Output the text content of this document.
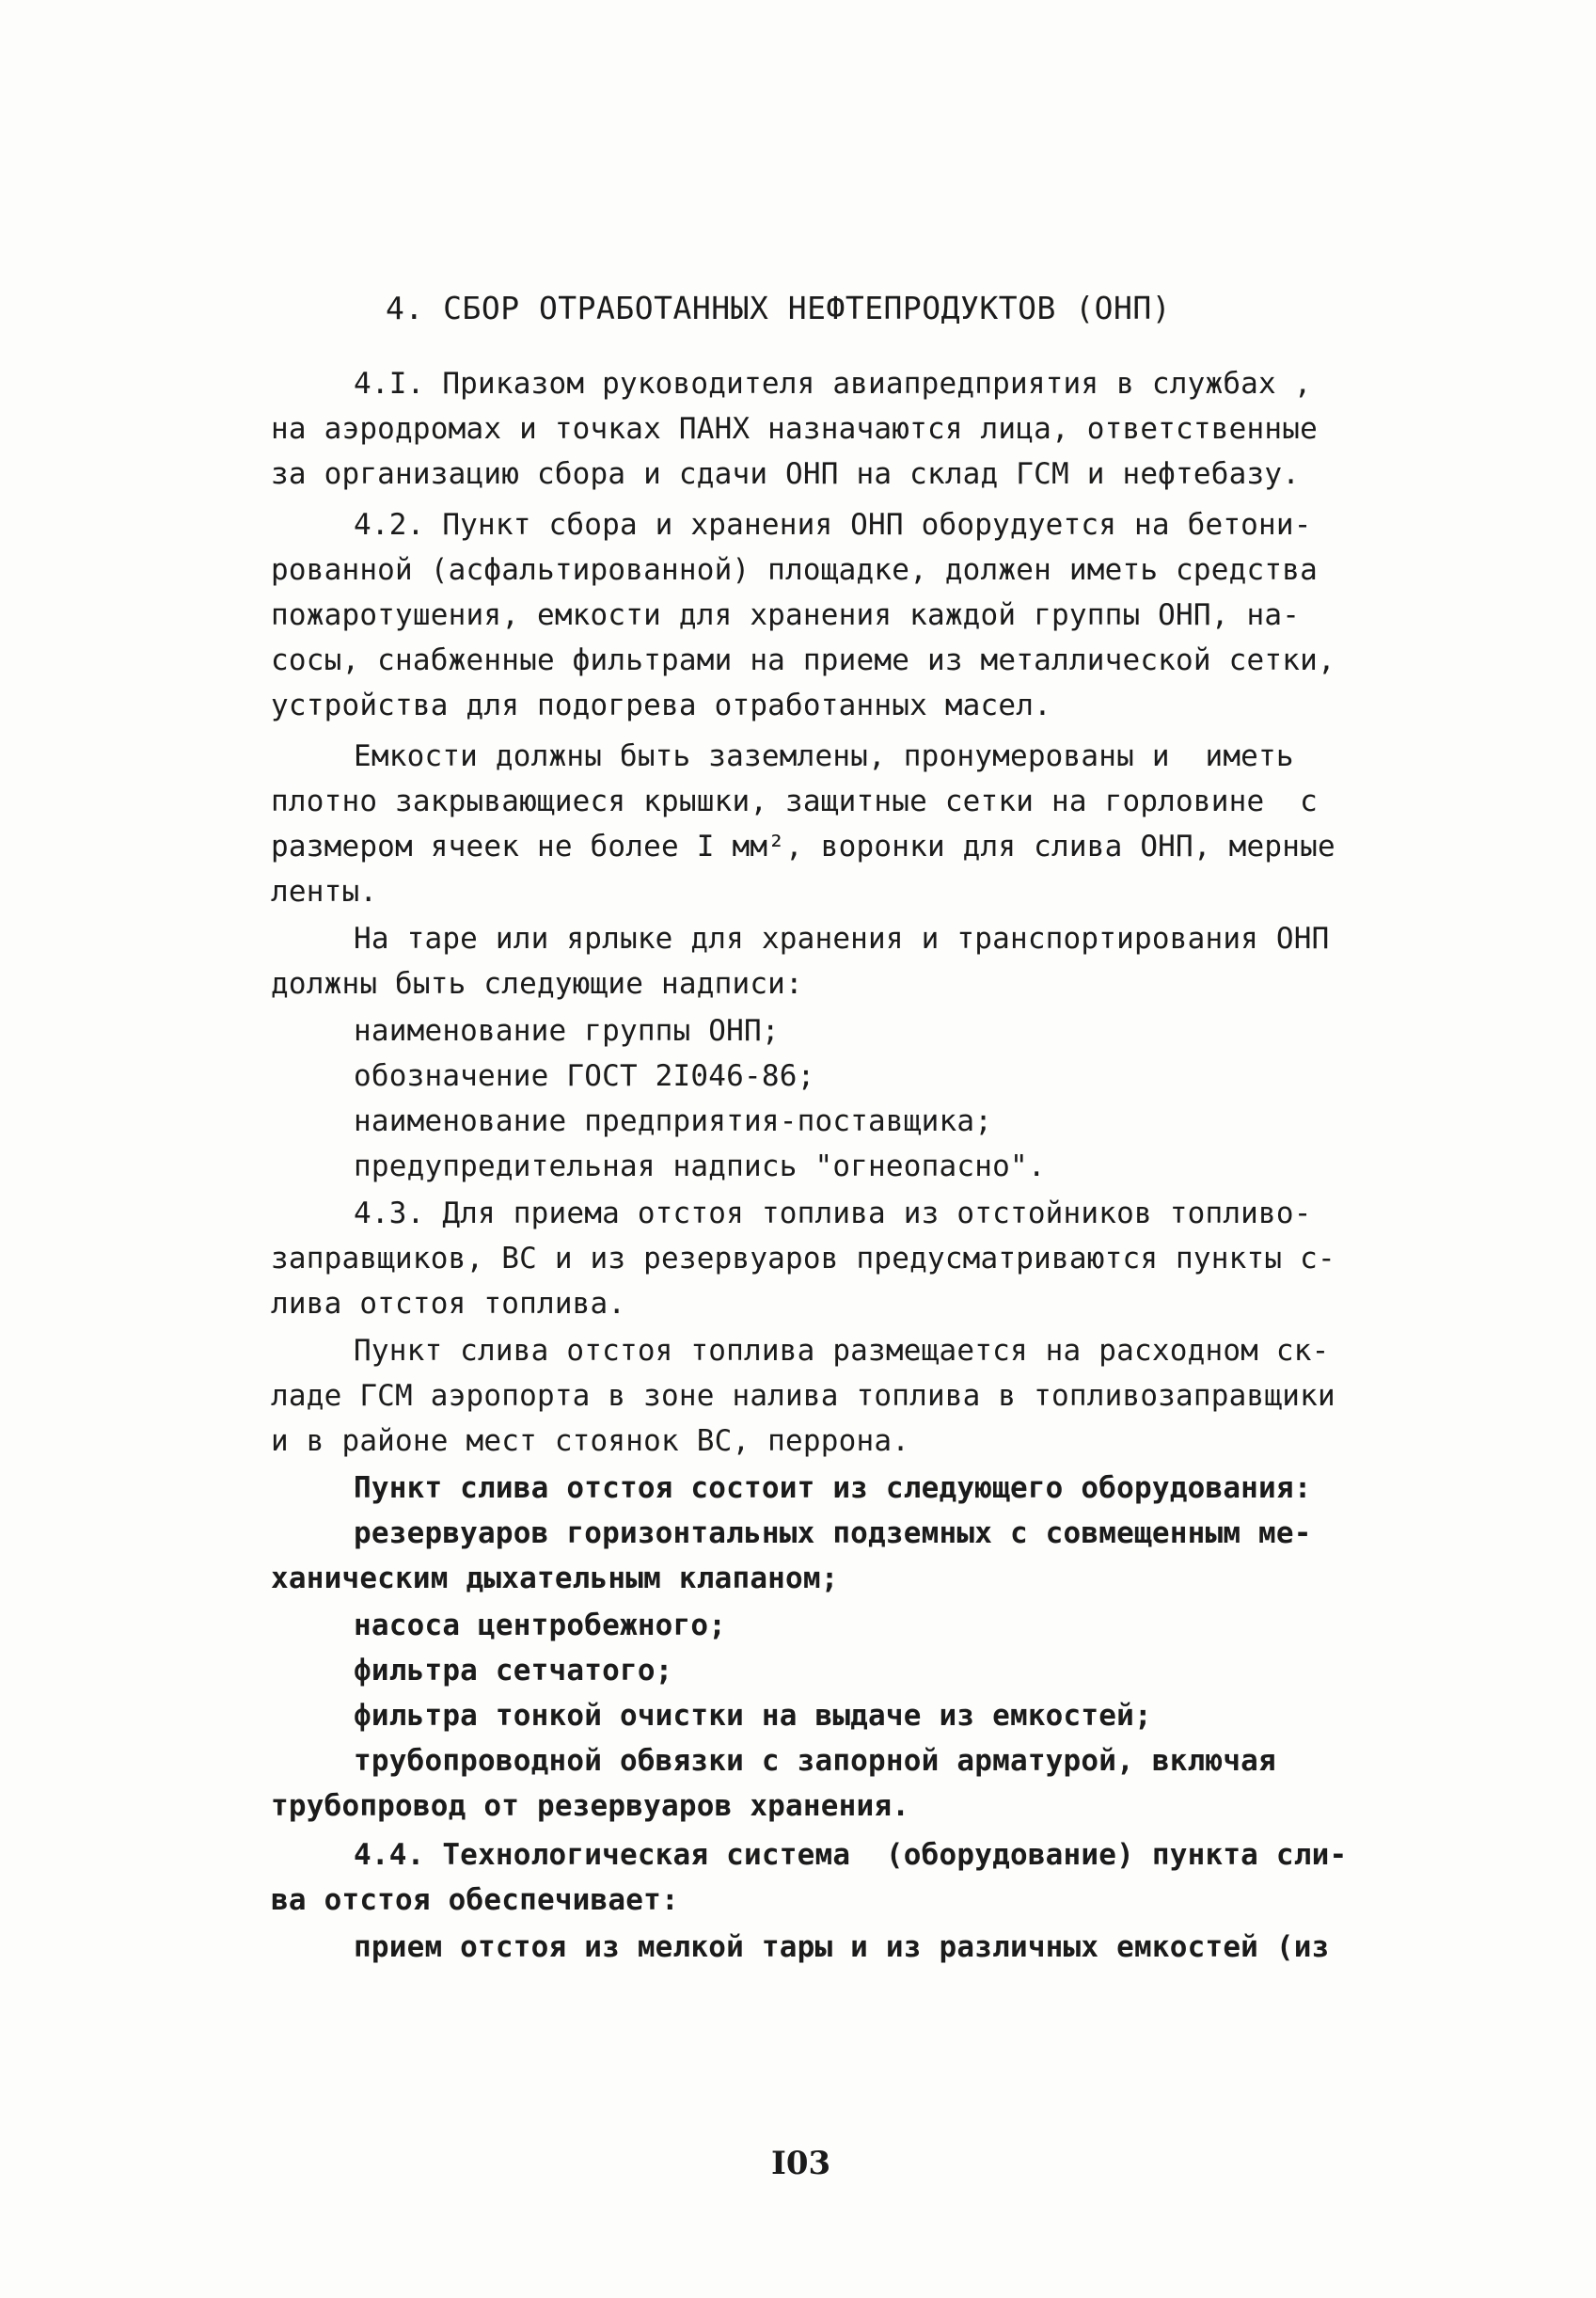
4. СБОР ОТРАБОТАННЫХ НЕФТЕПРОДУКТОВ (ОНП)
I03
4.I. Приказом руководителя авиапредприятия в службах ,
на аэродромах и точках ПАНХ назначаются лица, ответственные
за организацию сбора и сдачи ОНП на склад ГСМ и нефтебазу.
4.2. Пункт сбора и хранения ОНП оборудуется на бетони-
рованной (асфальтированной) площадке, должен иметь средства
пожаротушения, емкости для хранения каждой группы ОНП, на-
сосы, снабженные фильтрами на приеме из металлической сетки,
устройства для подогрева отработанных масел.
Емкости должны быть заземлены, пронумерованы и  иметь
плотно закрывающиеся крышки, защитные сетки на горловине  с
размером ячеек не более I мм², воронки для слива ОНП, мерные
ленты.
На таре или ярлыке для хранения и транспортирования ОНП
должны быть следующие надписи:
наименование группы ОНП;
обозначение ГОСТ 2I046-86;
наименование предприятия-поставщика;
предупредительная надпись "огнеопасно".
4.3. Для приема отстоя топлива из отстойников топливо-
заправщиков, ВС и из резервуаров предусматриваются пункты с-
лива отстоя топлива.
Пункт слива отстоя топлива размещается на расходном ск-
ладе ГСМ аэропорта в зоне налива топлива в топливозаправщики
и в районе мест стоянок ВС, перрона.
Пункт слива отстоя состоит из следующего оборудования:
резервуаров горизонтальных подземных с совмещенным ме-
ханическим дыхательным клапаном;
насоса центробежного;
фильтра сетчатого;
фильтра тонкой очистки на выдаче из емкостей;
трубопроводной обвязки с запорной арматурой, включая
трубопровод от резервуаров хранения.
4.4. Технологическая система  (оборудование) пункта сли-
ва отстоя обеспечивает:
прием отстоя из мелкой тары и из различных емкостей (из
